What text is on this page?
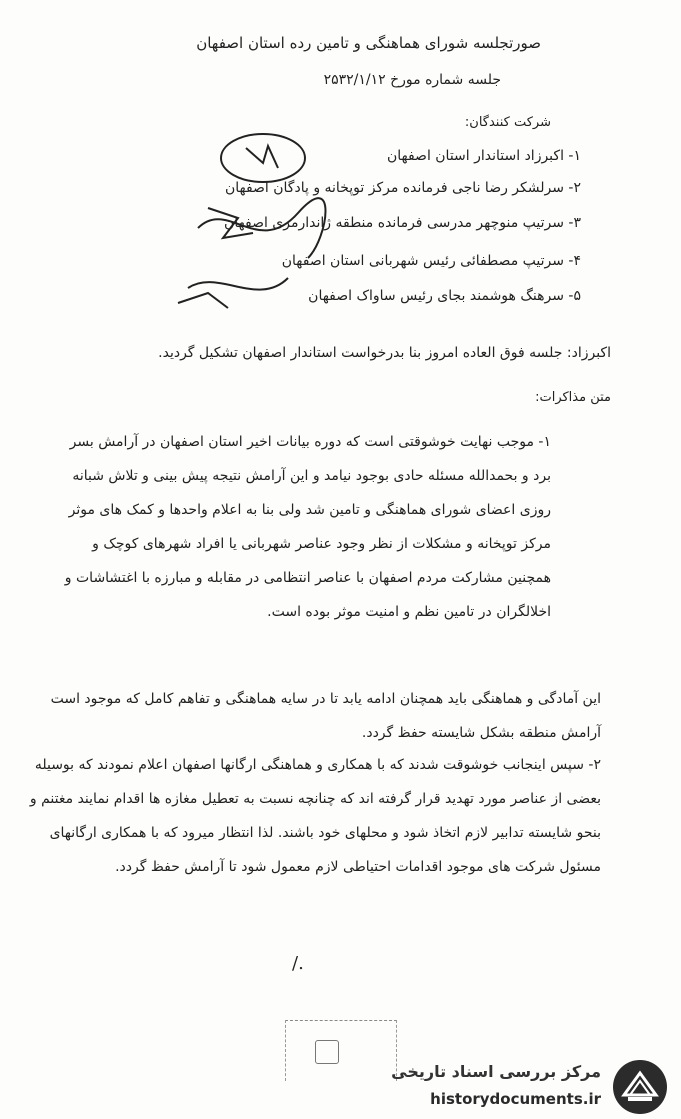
صورتجلسه شورای هماهنگی و تامین رده استان اصفهان
جلسه شماره مورخ ۲۵۳۲/۱/۱۲
شرکت کنندگان:
۱- اکبرزاد استاندار استان اصفهان
۲- سرلشکر رضا ناجی فرمانده مرکز توپخانه و پادگان اصفهان
۳- سرتیپ منوچهر مدرسی فرمانده منطقه ژاندارمری اصفهان
۴- سرتیپ مصطفائی رئیس شهربانی استان اصفهان
۵- سرهنگ هوشمند بجای رئیس ساواک اصفهان
اکبرزاد: جلسه فوق العاده امروز بنا بدرخواست استاندار اصفهان تشکیل گردید.
متن مذاکرات:
۱- موجب نهایت خوشوقتی است که دوره بیانات اخیر استان اصفهان در آرامش بسر برد و بحمدالله مسئله حادی بوجود نیامد و این آرامش نتیجه پیش بینی و تلاش شبانه روزی اعضای شورای هماهنگی و تامین شد ولی بنا به اعلام واحدها و کمک های موثر مرکز توپخانه و مشکلات از نظر وجود عناصر شهربانی یا افراد شهرهای کوچک و همچنین مشارکت مردم اصفهان با عناصر انتظامی در مقابله و مبارزه با اغتشاشات و اخلالگران در تامین نظم و امنیت موثر بوده است.
این آمادگی و هماهنگی باید همچنان ادامه یابد تا در سایه هماهنگی و تفاهم کامل که موجود است آرامش منطقه بشکل شایسته حفظ گردد.
۲- سپس اینجانب خوشوقت شدند که با همکاری و هماهنگی ارگانها اصفهان اعلام نمودند که بوسیله بعضی از عناصر مورد تهدید قرار گرفته اند که چنانچه نسبت به تعطیل مغازه ها اقدام نمایند مغتنم و بنحو شایسته تدابیر لازم اتخاذ شود و محلهای خود باشند. لذا انتظار میرود که با همکاری ارگانهای مسئول شرکت های موجود اقدامات احتیاطی لازم معمول شود تا آرامش حفظ گردد.
/.
مرکز بررسی اسناد تاریخی
historydocuments.ir
